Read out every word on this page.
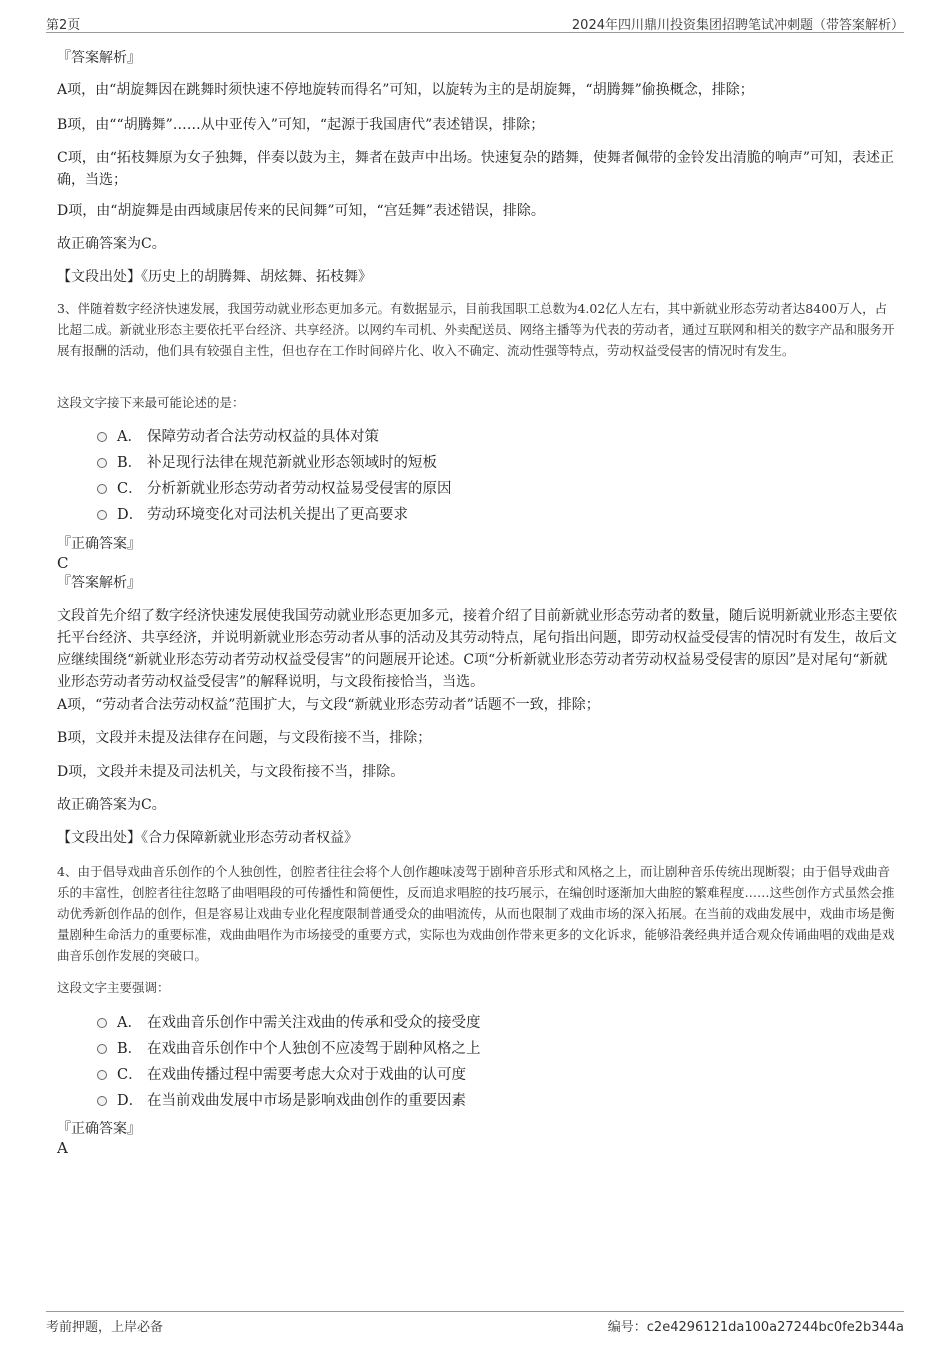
第2页	2024年四川鼎川投资集团招聘笔试冲刺题（带答案解析）
『答案解析』
A项，由“胡旋舞因在跳舞时须快速不停地旋转而得名”可知，以旋转为主的是胡旋舞，“胡腾舞”偷换概念，排除；
B项，由““胡腾舞”……从中亚传入”可知，“起源于我国唐代”表述错误，排除；
C项，由“拓枝舞原为女子独舞，伴奏以鼓为主，舞者在鼓声中出场。快速复杂的踏舞，使舞者佩带的金铃发出清脆的响声”可知，表述正确，当选；
D项，由“胡旋舞是由西域康居传来的民间舞”可知，“宫廷舞”表述错误，排除。
故正确答案为C。
【文段出处】《历史上的胡腾舞、胡炫舞、拓枝舞》
3、伴随着数字经济快速发展，我国劳动就业形态更加多元。有数据显示，目前我国职工总数为4.02亿人左右，其中新就业形态劳动者达8400万人，占比超二成。新就业形态主要依托平台经济、共享经济。以网约车司机、外卖配送员、网络主播等为代表的劳动者，通过互联网和相关的数字产品和服务开展有报酬的活动，他们具有较强自主性，但也存在工作时间碎片化、收入不确定、流动性强等特点，劳动权益受侵害的情况时有发生。
这段文字接下来最可能论述的是：
A． 保障劳动者合法劳动权益的具体对策
B． 补足现行法律在规范新就业形态领域时的短板
C． 分析新就业形态劳动者劳动权益易受侵害的原因
D． 劳动环境变化对司法机关提出了更高要求
『正确答案』
C
『答案解析』
文段首先介绍了数字经济快速发展使我国劳动就业形态更加多元，接着介绍了目前新就业形态劳动者的数量，随后说明新就业形态主要依托平台经济、共享经济，并说明新就业形态劳动者从事的活动及其劳动特点，尾句指出问题，即劳动权益受侵害的情况时有发生，故后文应继续围绕“新就业形态劳动者劳动权益受侵害”的问题展开论述。C项“分析新就业形态劳动者劳动权益易受侵害的原因”是对尾句“新就业形态劳动者劳动权益受侵害”的解释说明，与文段衔接恰当，当选。
A项，“劳动者合法劳动权益”范围扩大，与文段“新就业形态劳动者”话题不一致，排除；
B项，文段并未提及法律存在问题，与文段衔接不当，排除；
D项，文段并未提及司法机关，与文段衔接不当，排除。
故正确答案为C。
【文段出处】《合力保障新就业形态劳动者权益》
4、由于倡导戏曲音乐创作的个人独创性，创腔者往往会将个人创作趣味凌驾于剧种音乐形式和风格之上，而让剧种音乐传统出现断裂；由于倡导戏曲音乐的丰富性，创腔者往往忽略了曲唱唱段的可传播性和简便性，反而追求唱腔的技巧展示，在编创时逐渐加大曲腔的繁难程度……这些创作方式虽然会推动优秀新创作品的创作，但是容易让戏曲专业化程度限制普通受众的曲唱流传，从而也限制了戏曲市场的深入拓展。在当前的戏曲发展中，戏曲市场是衡量剧种生命活力的重要标准，戏曲曲唱作为市场接受的重要方式，实际也为戏曲创作带来更多的文化诉求，能够沿袭经典并适合观众传诵曲唱的戏曲是戏曲音乐创作发展的突破口。
这段文字主要强调：
A． 在戏曲音乐创作中需关注戏曲的传承和受众的接受度
B． 在戏曲音乐创作中个人独创不应凌驾于剧种风格之上
C． 在戏曲传播过程中需要考虑大众对于戏曲的认可度
D． 在当前戏曲发展中市场是影响戏曲创作的重要因素
『正确答案』
A
考前押题，上岸必备	编号：c2e4296121da100a27244bc0fe2b344a
